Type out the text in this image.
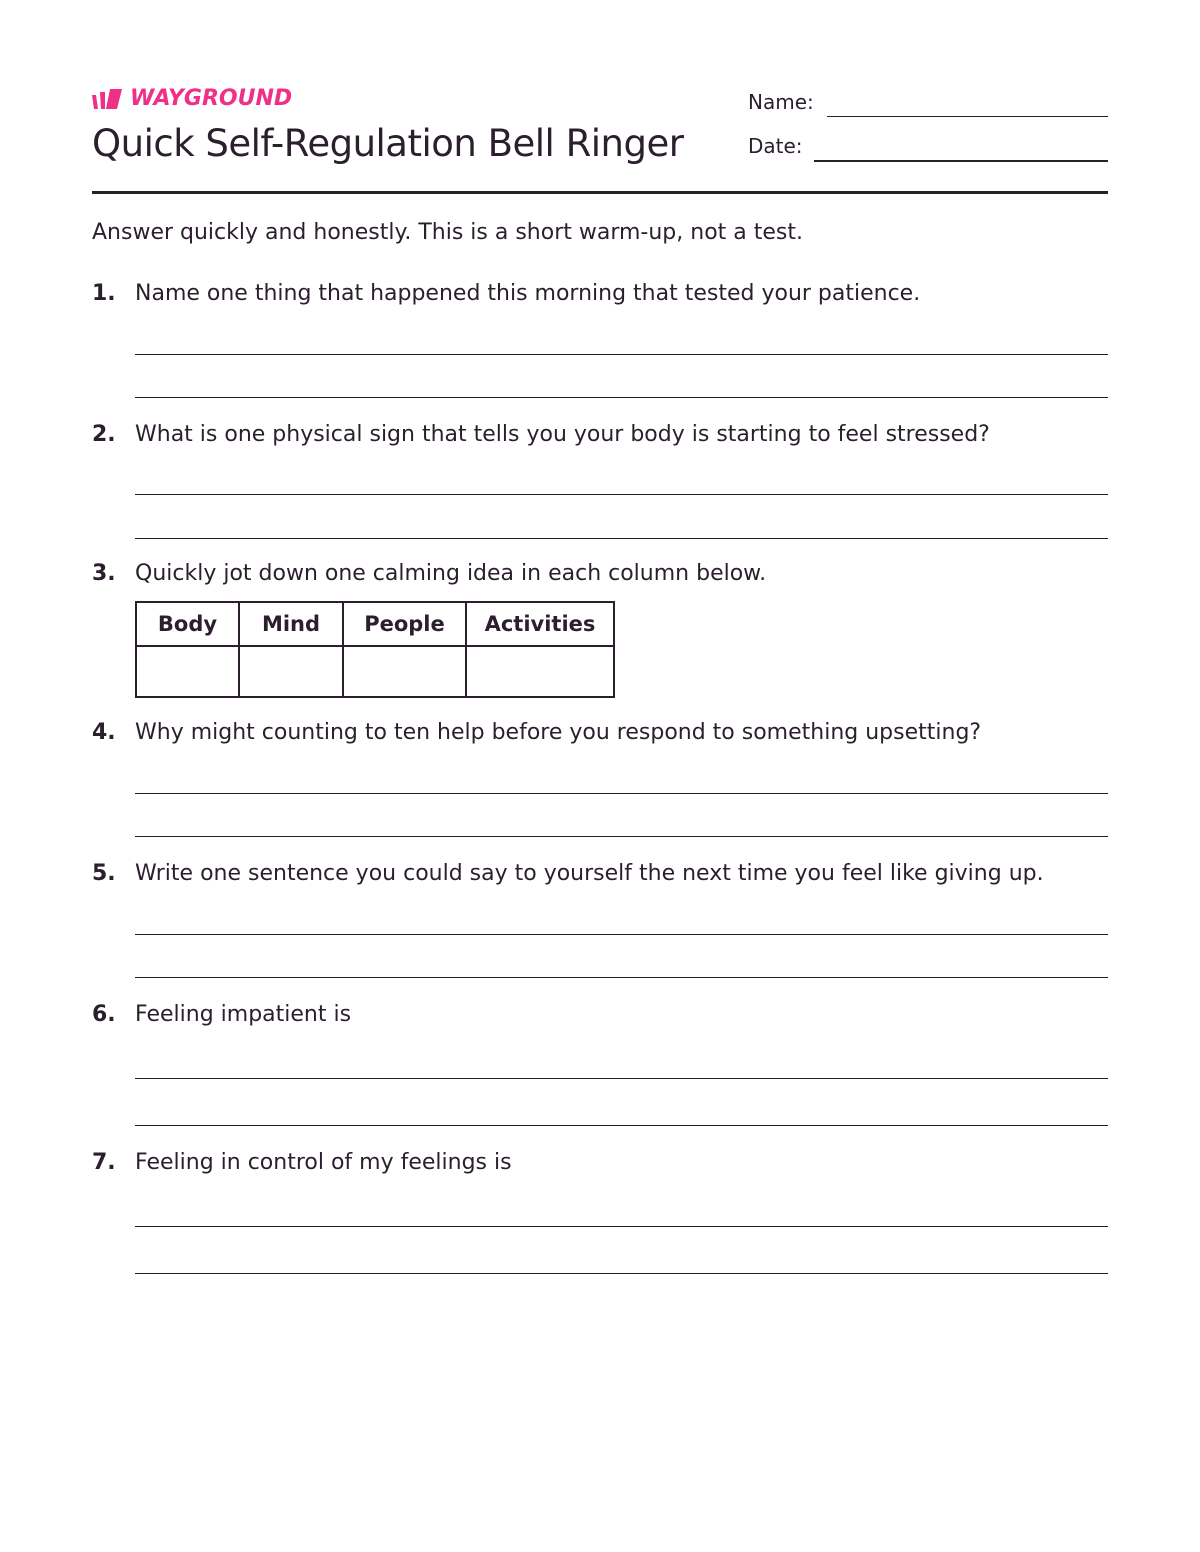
WAYGROUND
Quick Self-Regulation Bell Ringer
Name:
Date:
Answer quickly and honestly. This is a short warm-up, not a test.
1. Name one thing that happened this morning that tested your patience.
2. What is one physical sign that tells you your body is starting to feel stressed?
3. Quickly jot down one calming idea in each column below.
Body	Mind	People	Activities

4. Why might counting to ten help before you respond to something upsetting?
5. Write one sentence you could say to yourself the next time you feel like giving up.
6. Feeling impatient is
7. Feeling in control of my feelings is
